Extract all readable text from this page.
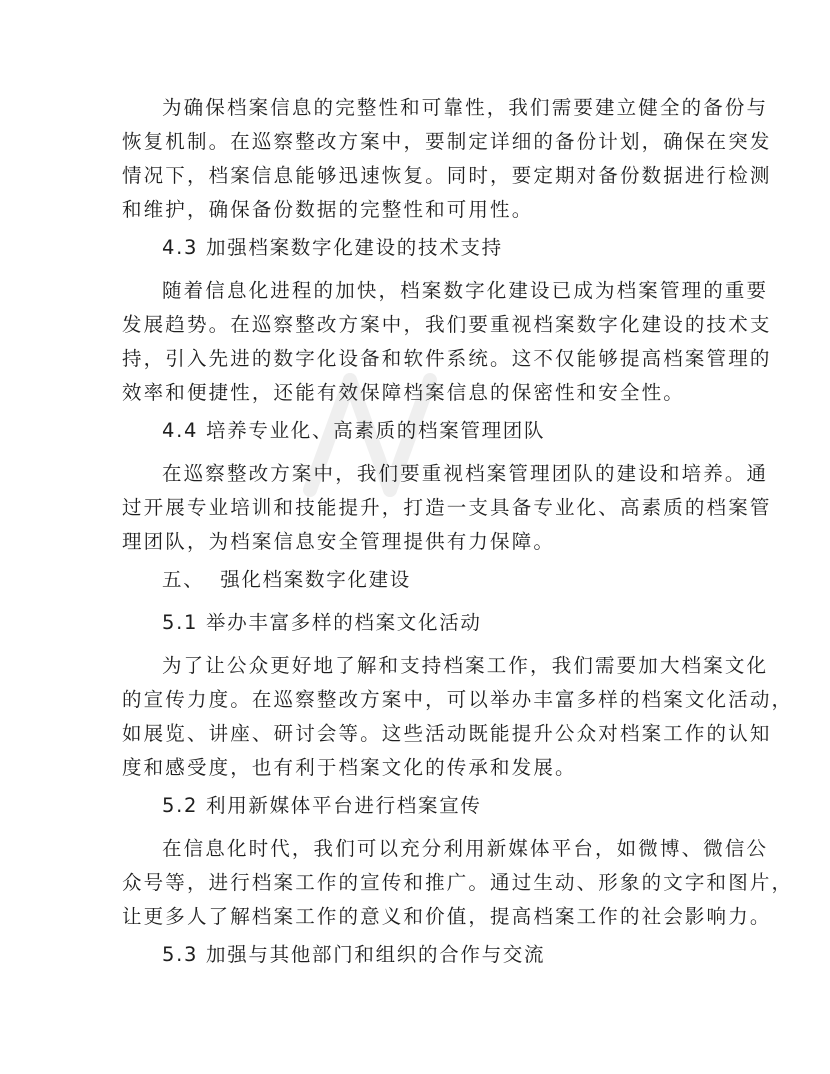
为确保档案信息的完整性和可靠性，我们需要建立健全的备份与

恢复机制。在巡察整改方案中，要制定详细的备份计划，确保在突发

情况下，档案信息能够迅速恢复。同时，要定期对备份数据进行检测

和维护，确保备份数据的完整性和可用性。

4.3 加强档案数字化建设的技术支持

随着信息化进程的加快，档案数字化建设已成为档案管理的重要

发展趋势。在巡察整改方案中，我们要重视档案数字化建设的技术支

持，引入先进的数字化设备和软件系统。这不仅能够提高档案管理的

效率和便捷性，还能有效保障档案信息的保密性和安全性。

4.4 培养专业化、高素质的档案管理团队

在巡察整改方案中，我们要重视档案管理团队的建设和培养。通

过开展专业培训和技能提升，打造一支具备专业化、高素质的档案管

理团队，为档案信息安全管理提供有力保障。

五、  强化档案数字化建设

5.1 举办丰富多样的档案文化活动

为了让公众更好地了解和支持档案工作，我们需要加大档案文化

的宣传力度。在巡察整改方案中，可以举办丰富多样的档案文化活动，

如展览、讲座、研讨会等。这些活动既能提升公众对档案工作的认知

度和感受度，也有利于档案文化的传承和发展。

5.2 利用新媒体平台进行档案宣传

在信息化时代，我们可以充分利用新媒体平台，如微博、微信公

众号等，进行档案工作的宣传和推广。通过生动、形象的文字和图片，

让更多人了解档案工作的意义和价值，提高档案工作的社会影响力。

5.3 加强与其他部门和组织的合作与交流
